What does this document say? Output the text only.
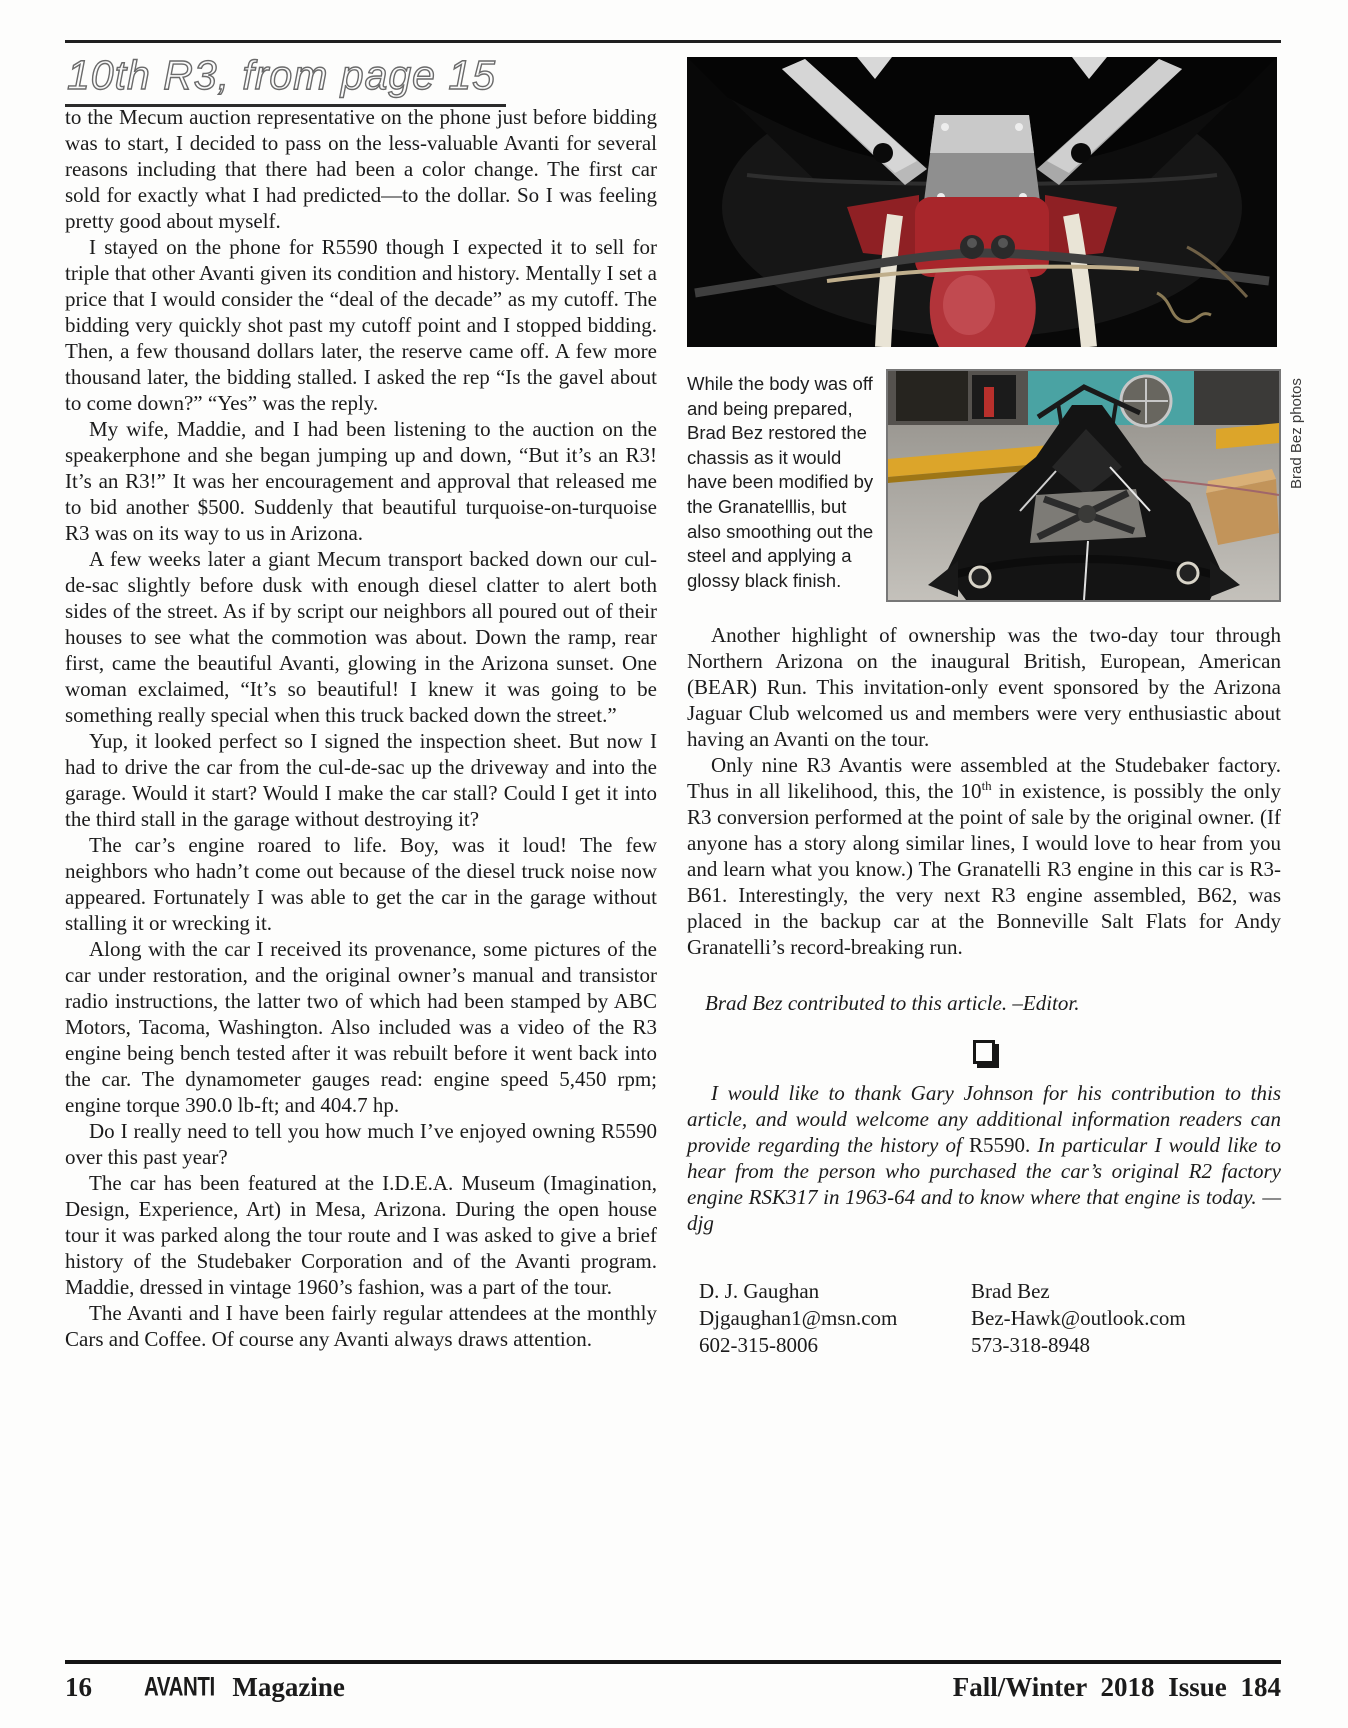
10th R3, from page 15

to the Mecum auction representative on the phone just before bidding was to start, I decided to pass on the less-valuable Avanti for several reasons including that there had been a color change. The first car sold for exactly what I had predicted—to the dollar. So I was feeling pretty good about myself.

I stayed on the phone for R5590 though I expected it to sell for triple that other Avanti given its condition and history. Mentally I set a price that I would consider the “deal of the decade” as my cutoff. The bidding very quickly shot past my cutoff point and I stopped bidding. Then, a few thousand dollars later, the reserve came off. A few more thousand later, the bidding stalled. I asked the rep “Is the gavel about to come down?” “Yes” was the reply.

My wife, Maddie, and I had been listening to the auction on the speakerphone and she began jumping up and down, “But it’s an R3! It’s an R3!” It was her encouragement and approval that released me to bid another $500. Suddenly that beautiful turquoise-on-turquoise R3 was on its way to us in Arizona.

A few weeks later a giant Mecum transport backed down our cul-de-sac slightly before dusk with enough diesel clatter to alert both sides of the street. As if by script our neighbors all poured out of their houses to see what the commotion was about. Down the ramp, rear first, came the beautiful Avanti, glowing in the Arizona sunset. One woman exclaimed, “It’s so beautiful! I knew it was going to be something really special when this truck backed down the street.”

Yup, it looked perfect so I signed the inspection sheet. But now I had to drive the car from the cul-de-sac up the driveway and into the garage. Would it start? Would I make the car stall? Could I get it into the third stall in the garage without destroying it?

The car’s engine roared to life. Boy, was it loud! The few neighbors who hadn’t come out because of the diesel truck noise now appeared. Fortunately I was able to get the car in the garage without stalling it or wrecking it.

Along with the car I received its provenance, some pictures of the car under restoration, and the original owner’s manual and transistor radio instructions, the latter two of which had been stamped by ABC Motors, Tacoma, Washington. Also included was a video of the R3 engine being bench tested after it was rebuilt before it went back into the car. The dynamometer gauges read: engine speed 5,450 rpm; engine torque 390.0 lb-ft; and 404.7 hp.

Do I really need to tell you how much I’ve enjoyed owning R5590 over this past year?

The car has been featured at the I.D.E.A. Museum (Imagination, Design, Experience, Art) in Mesa, Arizona. During the open house tour it was parked along the tour route and I was asked to give a brief history of the Studebaker Corporation and of the Avanti program. Maddie, dressed in vintage 1960’s fashion, was a part of the tour.

The Avanti and I have been fairly regular attendees at the monthly Cars and Coffee. Of course any Avanti always draws attention.

While the body was off and being prepared, Brad Bez restored the chassis as it would have been modified by the Granatelllis, but also smoothing out the steel and applying a glossy black finish.
Brad Bez photos

Another highlight of ownership was the two-day tour through Northern Arizona on the inaugural British, European, American (BEAR) Run. This invitation-only event sponsored by the Arizona Jaguar Club welcomed us and members were very enthusiastic about having an Avanti on the tour.

Only nine R3 Avantis were assembled at the Studebaker factory. Thus in all likelihood, this, the 10th in existence, is possibly the only R3 conversion performed at the point of sale by the original owner. (If anyone has a story along similar lines, I would love to hear from you and learn what you know.) The Granatelli R3 engine in this car is R3-B61. Interestingly, the very next R3 engine assembled, B62, was placed in the backup car at the Bonneville Salt Flats for Andy Granatelli’s record-breaking run.

Brad Bez contributed to this article. –Editor.

I would like to thank Gary Johnson for his contribution to this article, and would welcome any additional information readers can provide regarding the history of R5590. In particular I would like to hear from the person who purchased the car’s original R2 factory engine RSK317 in 1963-64 and to know where that engine is today. —djg

D. J. Gaughan
Djgaughan1@msn.com
602-315-8006
Brad Bez
Bez-Hawk@outlook.com
573-318-8948
16 AVANTI Magazine	Fall/Winter 2018 Issue 184
